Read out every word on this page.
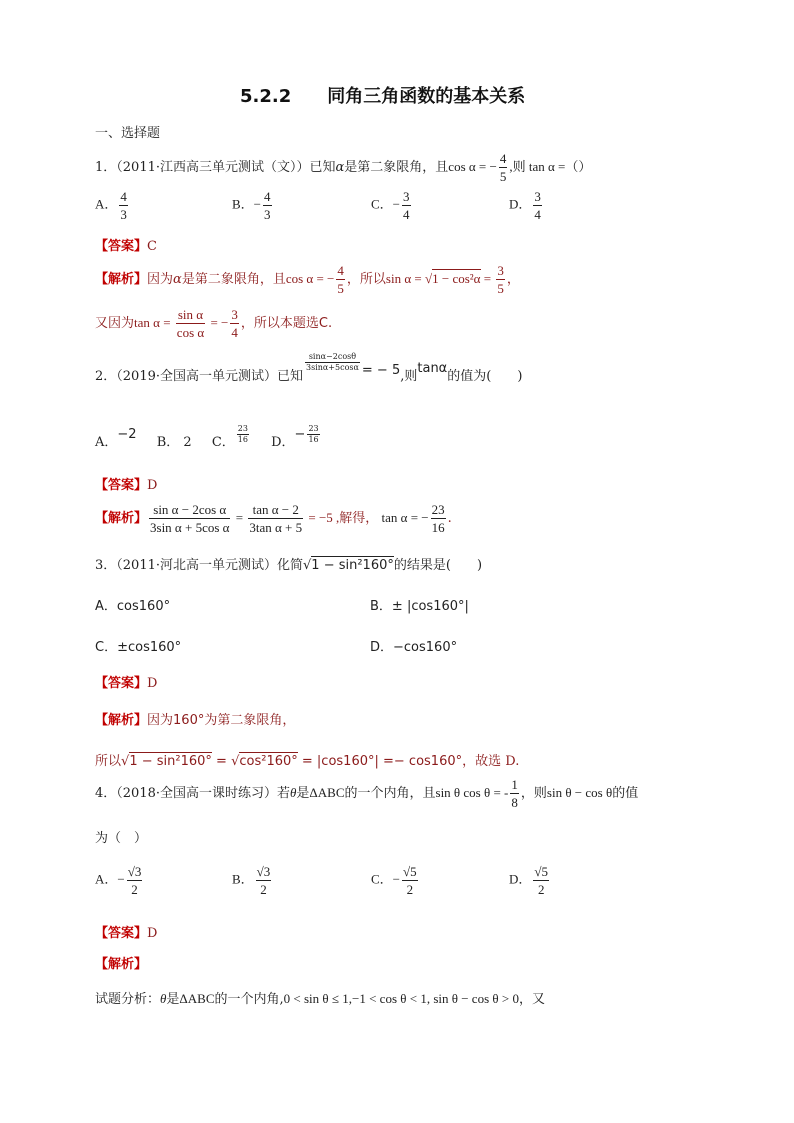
5.2.2　　同角三角函数的基本关系
一、选择题
1．（2011·江西高三单元测试（文））已知α是第二象限角，且cos α = − $\frac{4}{5}$ ,则 tan α =（）
A． $\frac{4}{3}$	B．− $\frac{4}{3}$	C．− $\frac{3}{4}$	D． $\frac{3}{4}$
【答案】C
【解析】因为α是第二象限角，且cos α = − $\frac{4}{5}$ ，所以$\sin \alpha = √1 - \cos^2\alpha = \frac{3}{5}$ ，
又因为$\tan \alpha = \frac{\text{sin α}}{\text{cos α}}$ = − $\frac{3}{4}$ ，所以本题选C.
2．（2019·全国高一单元测试）已知
$\frac{\sin\alpha-2\cos\theta}{3\sin\alpha+5\cos\alpha}$ = − 5,则tanα的值为(　　)
A．−2 B． 2 C． $\frac{23}{16}$ D．− $\frac{23}{16}$
【答案】D
【解析】 $\frac{\text{sin α − 2cos α}}{\text{3sin α + 5cos α}} = \frac{\text{tan α − 2}}{\text{3tan α + 5}} = -5$ ,解得， tan α = − $\frac{23}{16}$ .
3．（2011·河北高一单元测试）化简√1 − sin²160°的结果是(　　)
A．cos160°	B．± |cos160°|
C．±cos160°	D．−cos160°
【答案】D
【解析】因为160°为第二象限角，
所以√1 − sin²160° = √cos²160° = |cos160°| =− cos160°，故选 D.
4．（2018·全国高一课时练习）若θ是ΔABC的一个内角，且sin θ cos θ = - $\frac{1}{8}$ ，则sin θ − cos θ的值
为（　）
A．− $\frac{√3}{2}$	B． $\frac{√3}{2}$	C．− $\frac{√5}{2}$	D． $\frac{√5}{2}$
【答案】D
【解析】
试题分析：θ是ΔABC的一个内角,0 < sin θ ≤ 1,−1 < cos θ < 1, sin θ − cos θ > 0，又
